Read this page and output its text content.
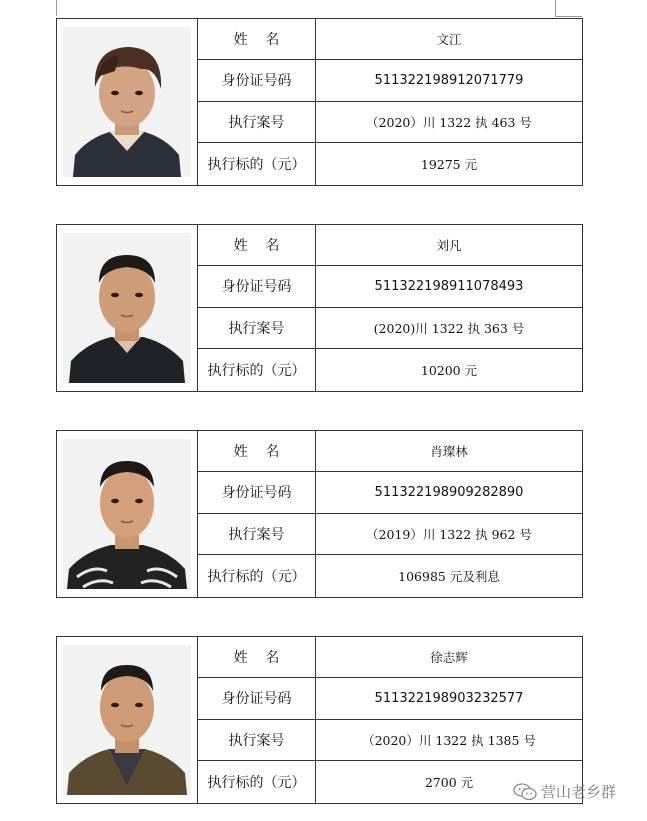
姓    名	文江
身份证号码	511322198912071779
执行案号	（2020）川 1322 执 463 号
执行标的（元）	19275 元
姓    名	刘凡
身份证号码	511322198911078493
执行案号	(2020)川 1322 执 363 号
执行标的（元）	10200 元
姓    名	肖璨林
身份证号码	511322198909282890
执行案号	（2019）川 1322 执 962 号
执行标的（元）	106985 元及利息
姓    名	徐志辉
身份证号码	511322198903232577
执行案号	（2020）川 1322 执 1385 号
执行标的（元）	2700 元
营山老乡群
